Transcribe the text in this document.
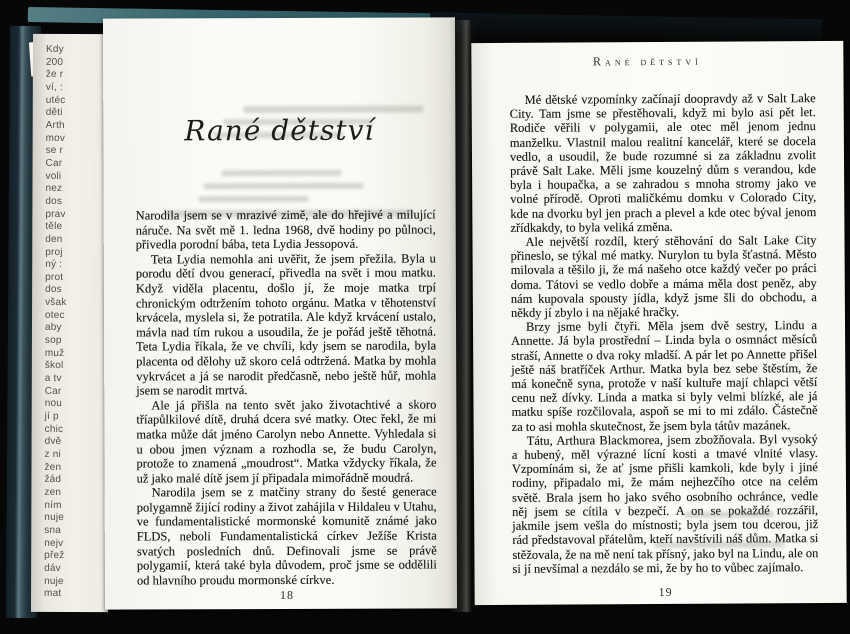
Kdy
200
že r
ví, :
utéc
děti
Arth
mov
se r
Car
voli
nez
dos
prav
těle
den
proj
ný :
prot
dos
však
otec
aby
sop
muž
škol
a tv
Car
nou
jí p
chic
dvě
z ni
žen
žád
zen
ním
nuje
sna
nejv
přež
dáv
nuje
mat
Rané dětství

Narodila jsem se v mrazivé zimě, ale do hřejivé a milující náruče. Na svět mě 1. ledna 1968, dvě hodiny po půlnoci, přivedla porodní bába, teta Lydia Jessopová.

Teta Lydia nemohla ani uvěřit, že jsem přežila. Byla u porodu dětí dvou generací, přivedla na svět i mou matku. Když viděla placentu, došlo jí, že moje matka trpí chronickým odtržením tohoto orgánu. Matka v těhotenství krvácela, myslela si, že potratila. Ale když krvácení ustalo, mávla nad tím rukou a usoudila, že je pořád ještě těhotná. Teta Lydia říkala, že ve chvíli, kdy jsem se narodila, byla placenta od dělohy už skoro celá odtržená. Matka by mohla vykrvácet a já se narodit předčasně, nebo ještě hůř, mohla jsem se narodit mrtvá.

Ale já přišla na tento svět jako životachtivé a skoro tříapůlkilové dítě, druhá dcera své matky. Otec řekl, že mi matka může dát jméno Carolyn nebo Annette. Vyhledala si u obou jmen význam a rozhodla se, že budu Carolyn, protože to znamená „moudrost“. Matka vždycky říkala, že už jako malé dítě jsem jí připadala mimořádně moudrá.

Narodila jsem se z matčiny strany do šesté generace polygamně žijící rodiny a život zahájila v Hildaleu v Utahu, ve fundamentalistické mormonské komunitě známé jako FLDS, neboli Fundamentalistická církev Ježíše Krista svatých posledních dnů. Definovali jsme se právě polygamií, která také byla důvodem, proč jsme se oddělili od hlavního proudu mormonské církve.

18
Rané dětství

Mé dětské vzpomínky začínají doopravdy až v Salt Lake City. Tam jsme se přestěhovali, když mi bylo asi pět let. Rodiče věřili v polygamii, ale otec měl jenom jednu manželku. Vlastnil malou realitní kancelář, které se docela vedlo, a usoudil, že bude rozumné si za základnu zvolit právě Salt Lake. Měli jsme kouzelný dům s verandou, kde byla i houpačka, a se zahradou s mnoha stromy jako ve volné přírodě. Oproti maličkému domku v Colorado City, kde na dvorku byl jen prach a plevel a kde otec býval jenom zřídkakdy, to byla veliká změna.

Ale největší rozdíl, který stěhování do Salt Lake City přineslo, se týkal mé matky. Nurylon tu byla šťastná. Město milovala a těšilo ji, že má našeho otce každý večer po práci doma. Tátovi se vedlo dobře a máma měla dost peněz, aby nám kupovala spousty jídla, když jsme šli do obchodu, a někdy jí zbylo i na nějaké hračky.

Brzy jsme byli čtyři. Měla jsem dvě sestry, Lindu a Annette. Já byla prostřední – Linda byla o osmnáct měsíců straší, Annette o dva roky mladší. A pár let po Annette přišel ještě náš bratříček Arthur. Matka byla bez sebe štěstím, že má konečně syna, protože v naší kultuře mají chlapci větší cenu než dívky. Linda a matka si byly velmi blízké, ale já matku spíše rozčilovala, aspoň se mi to mi zdálo. Částečně za to asi mohla skutečnost, že jsem byla tátův mazánek.

Tátu, Arthura Blackmorea, jsem zbožňovala. Byl vysoký a hubený, měl výrazné lícní kosti a tmavé vlnité vlasy. Vzpomínám si, že ať jsme přišli kamkoli, kde byly i jiné rodiny, připadalo mi, že mám nejhezčího otce na celém světě. Brala jsem ho jako svého osobního ochránce, vedle něj jsem se cítila v bezpečí. A on se pokaždé rozzářil, jakmile jsem vešla do místnosti; byla jsem tou dcerou, již rád představoval přátelům, kteří navštívili náš dům. Matka si stěžovala, že na mě není tak přísný, jako byl na Lindu, ale on si jí nevšímal a nezdálo se mi, že by ho to vůbec zajímalo.

19
